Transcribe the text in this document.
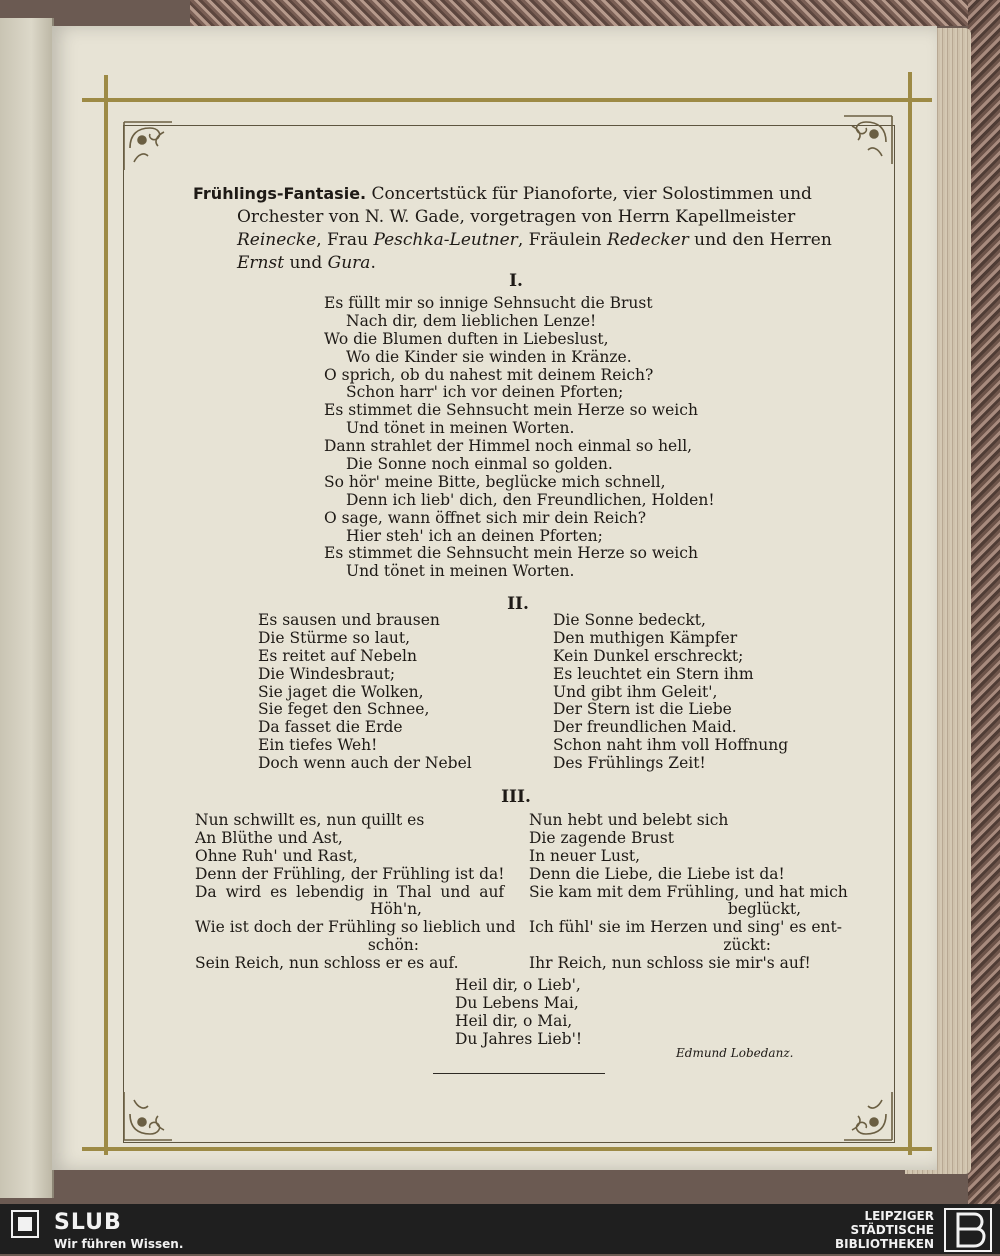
Frühlings-Fantasie. Concertstück für Pianoforte, vier Solostimmen und
Orchester von N. W. Gade, vorgetragen von Herrn Kapellmeister
Reinecke, Frau Peschka-Leutner, Fräulein Redecker und den Herren
Ernst und Gura.
I.
Es füllt mir so innige Sehnsucht die Brust
Nach dir, dem lieblichen Lenze!
Wo die Blumen duften in Liebeslust,
Wo die Kinder sie winden in Kränze.
O sprich, ob du nahest mit deinem Reich?
Schon harr' ich vor deinen Pforten;
Es stimmet die Sehnsucht mein Herze so weich
Und tönet in meinen Worten.
Dann strahlet der Himmel noch einmal so hell,
Die Sonne noch einmal so golden.
So hör' meine Bitte, beglücke mich schnell,
Denn ich lieb' dich, den Freundlichen, Holden!
O sage, wann öffnet sich mir dein Reich?
Hier steh' ich an deinen Pforten;
Es stimmet die Sehnsucht mein Herze so weich
Und tönet in meinen Worten.
II.
Es sausen und brausen
Die Stürme so laut,
Es reitet auf Nebeln
Die Windesbraut;
Sie jaget die Wolken,
Sie feget den Schnee,
Da fasset die Erde
Ein tiefes Weh!
Doch wenn auch der Nebel
Die Sonne bedeckt,
Den muthigen Kämpfer
Kein Dunkel erschreckt;
Es leuchtet ein Stern ihm
Und gibt ihm Geleit',
Der Stern ist die Liebe
Der freundlichen Maid.
Schon naht ihm voll Hoffnung
Des Frühlings Zeit!
III.
Nun schwillt es, nun quillt es
An Blüthe und Ast,
Ohne Ruh' und Rast,
Denn der Frühling, der Frühling ist da!
Da wird es lebendig in Thal und auf
Höh'n,
Wie ist doch der Frühling so lieblich und
schön:
Sein Reich, nun schloss er es auf.
Nun hebt und belebt sich
Die zagende Brust
In neuer Lust,
Denn die Liebe, die Liebe ist da!
Sie kam mit dem Frühling, und hat mich
beglückt,
Ich fühl' sie im Herzen und sing' es ent-
zückt:
Ihr Reich, nun schloss sie mir's auf!
Heil dir, o Lieb',
Du Lebens Mai,
Heil dir, o Mai,
Du Jahres Lieb'!
Edmund Lobedanz.
SLUB
Wir führen Wissen.
LEIPZIGER
STÄDTISCHE
BIBLIOTHEKEN
